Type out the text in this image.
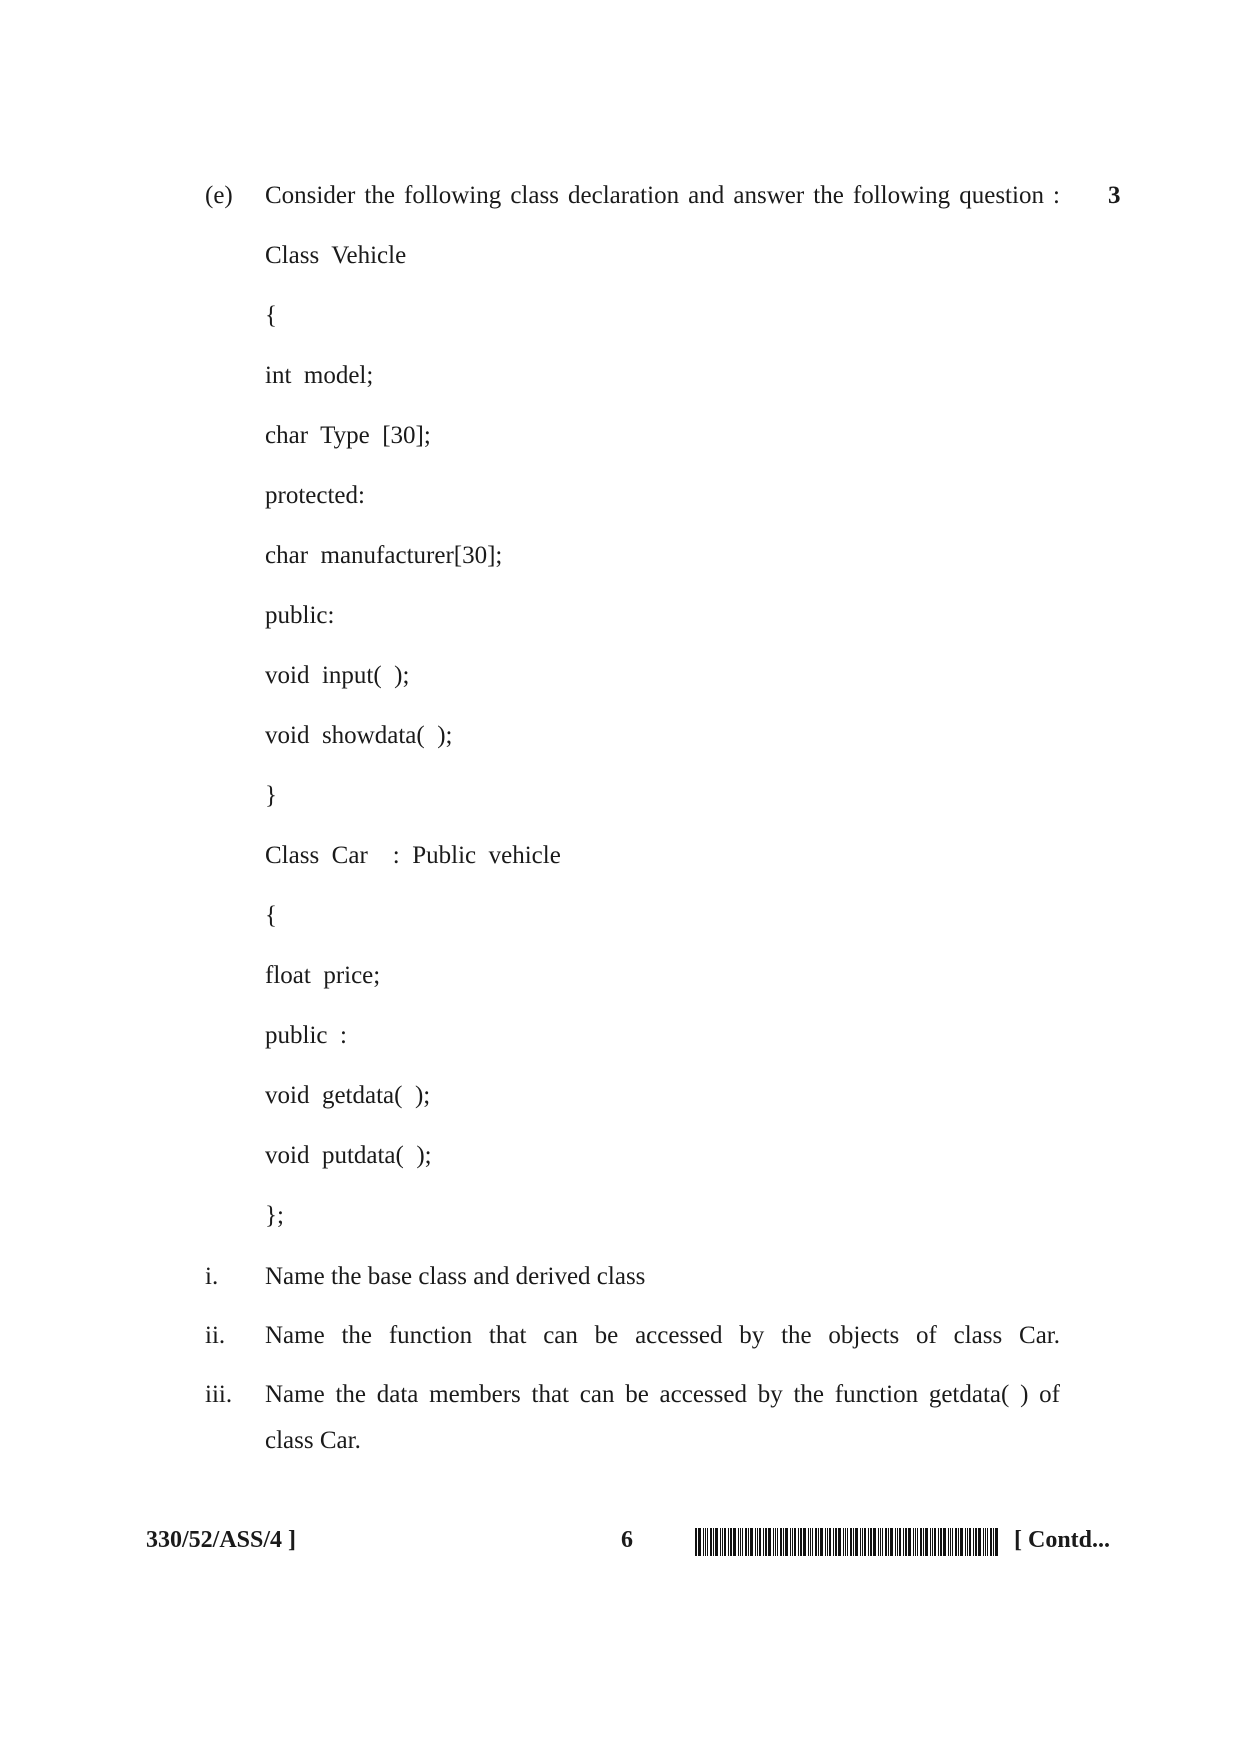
(e) Consider the following class declaration and answer the following question : 3
Class  Vehicle
{
int  model;
char  Type  [30];
protected:
char  manufacturer[30];
public:
void  input(  );
void  showdata(  );
}
Class  Car    :  Public  vehicle
{
float  price;
public  :
void  getdata(  );
void  putdata(  );
};
i.	Name the base class and derived class
ii.	Name the function that can be accessed by the objects of class Car.
iii.	Name the data members that can be accessed by the function getdata( ) of
class Car.
330/52/ASS/4 ]	6	[ Contd...
